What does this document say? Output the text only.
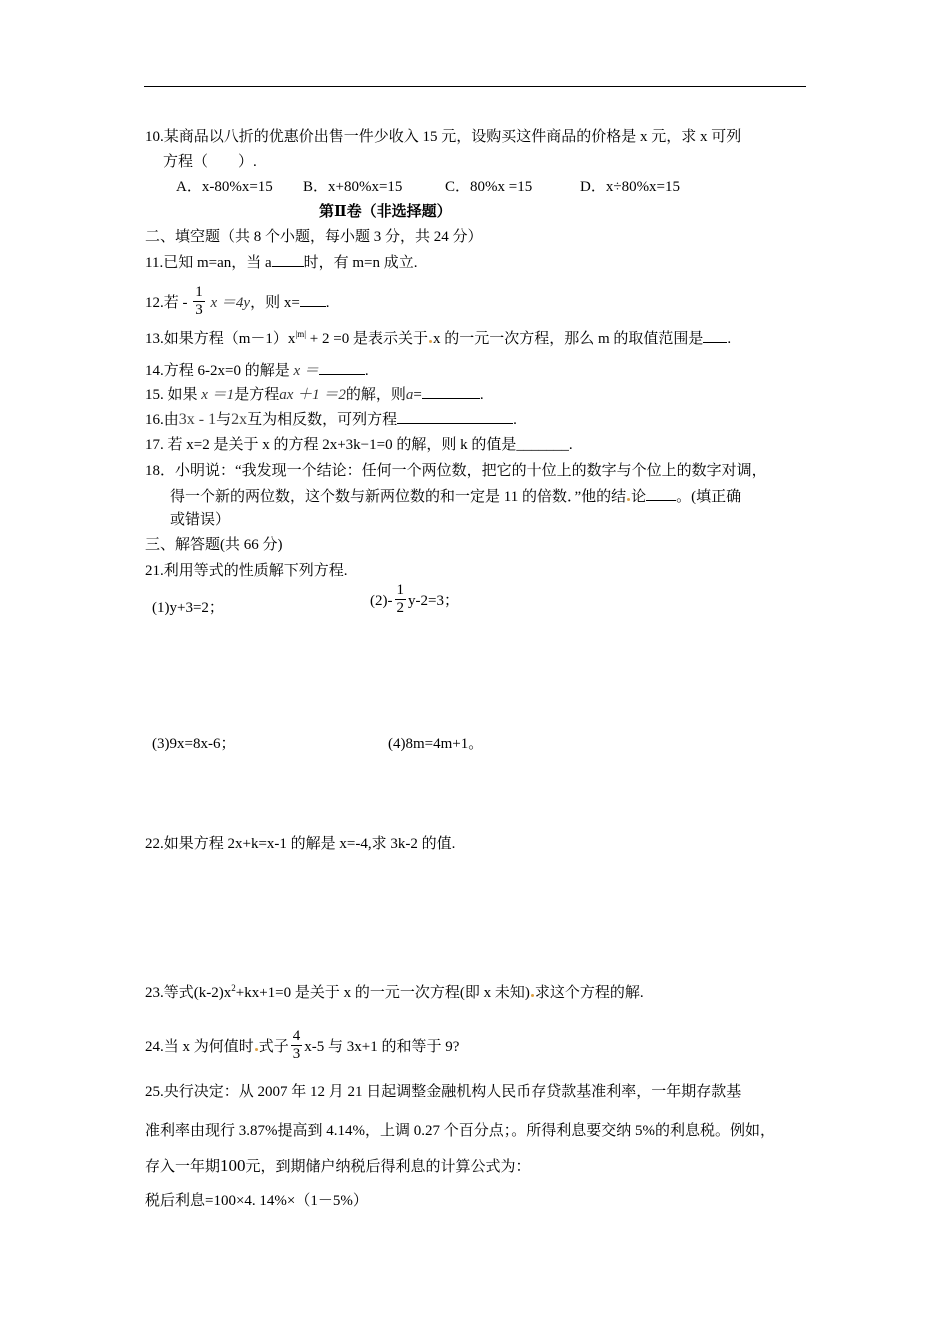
10.某商品以八折的优惠价出售一件少收入 15 元，设购买这件商品的价格是 x 元，求 x 可列
方程（　　）.
A．x-80%x=15 B．x+80%x=15	C．80%x =15	D．x÷80%x=15
第Ⅱ卷（非选择题）
二、填空题（共 8 个小题，每小题 3 分，共 24 分）
11.已知 m=an，当 a 时，有 m=n 成立.
12.若 - $\frac{1}{3}$ x ＝4y，则 x= .
13.如果方程$(m-1)x^{|m|} + 2 =0$ 是表示关于 x 的一元一次方程，那么 m 的取值范围是 .
14.方程 6-2x=0 的解是 x ＝	.
15. 如果 x ＝1是方程ax ＋1 ＝2的解，则a=	.
16.由3x - 1与2x互为相反数，可列方程	.
17. 若 x=2 是关于 x 的方程 2x+3k−1=0 的解，则 k 的值是_______.
18．小明说：“我发现一个结论：任何一个两位数，把它的十位上的数字与个位上的数字对调，
得一个新的两位数，这个数与新两位数的和一定是 11 的倍数．”他的结 论 。(填正确
或错误）
三、解答题(共 66 分)
21.利用等式的性质解下列方程.
(1)y+3=2；	$(2)- \frac{1}{2} y-2=3$；
(3)9x=8x-6；	(4)8m=4m+1。
22.如果方程 2x+k=x-1 的解是 x=-4,求 3k-2 的值.
23.等式$(k-2)x^2+kx+1=0$ 是关于 x 的一元一次方程(即 x 未知) 求这个方程的解.
24.当 x 为何值时 式子 $\frac{4}{3} x-5$ 与 3x+1 的和等于 9?
25.央行决定：从 2007 年 12 月 21 日起调整金融机构人民币存贷款基准利率，一年期存款基
准利率由现行 3.87%提高到 4.14%，上调 0.27 个百分点；。所得利息要交纳 5%的利息税。例如，
存入一年期100元，到期储户纳税后得利息的计算公式为：
税后利息=100×4. 14%×（1－5%）
